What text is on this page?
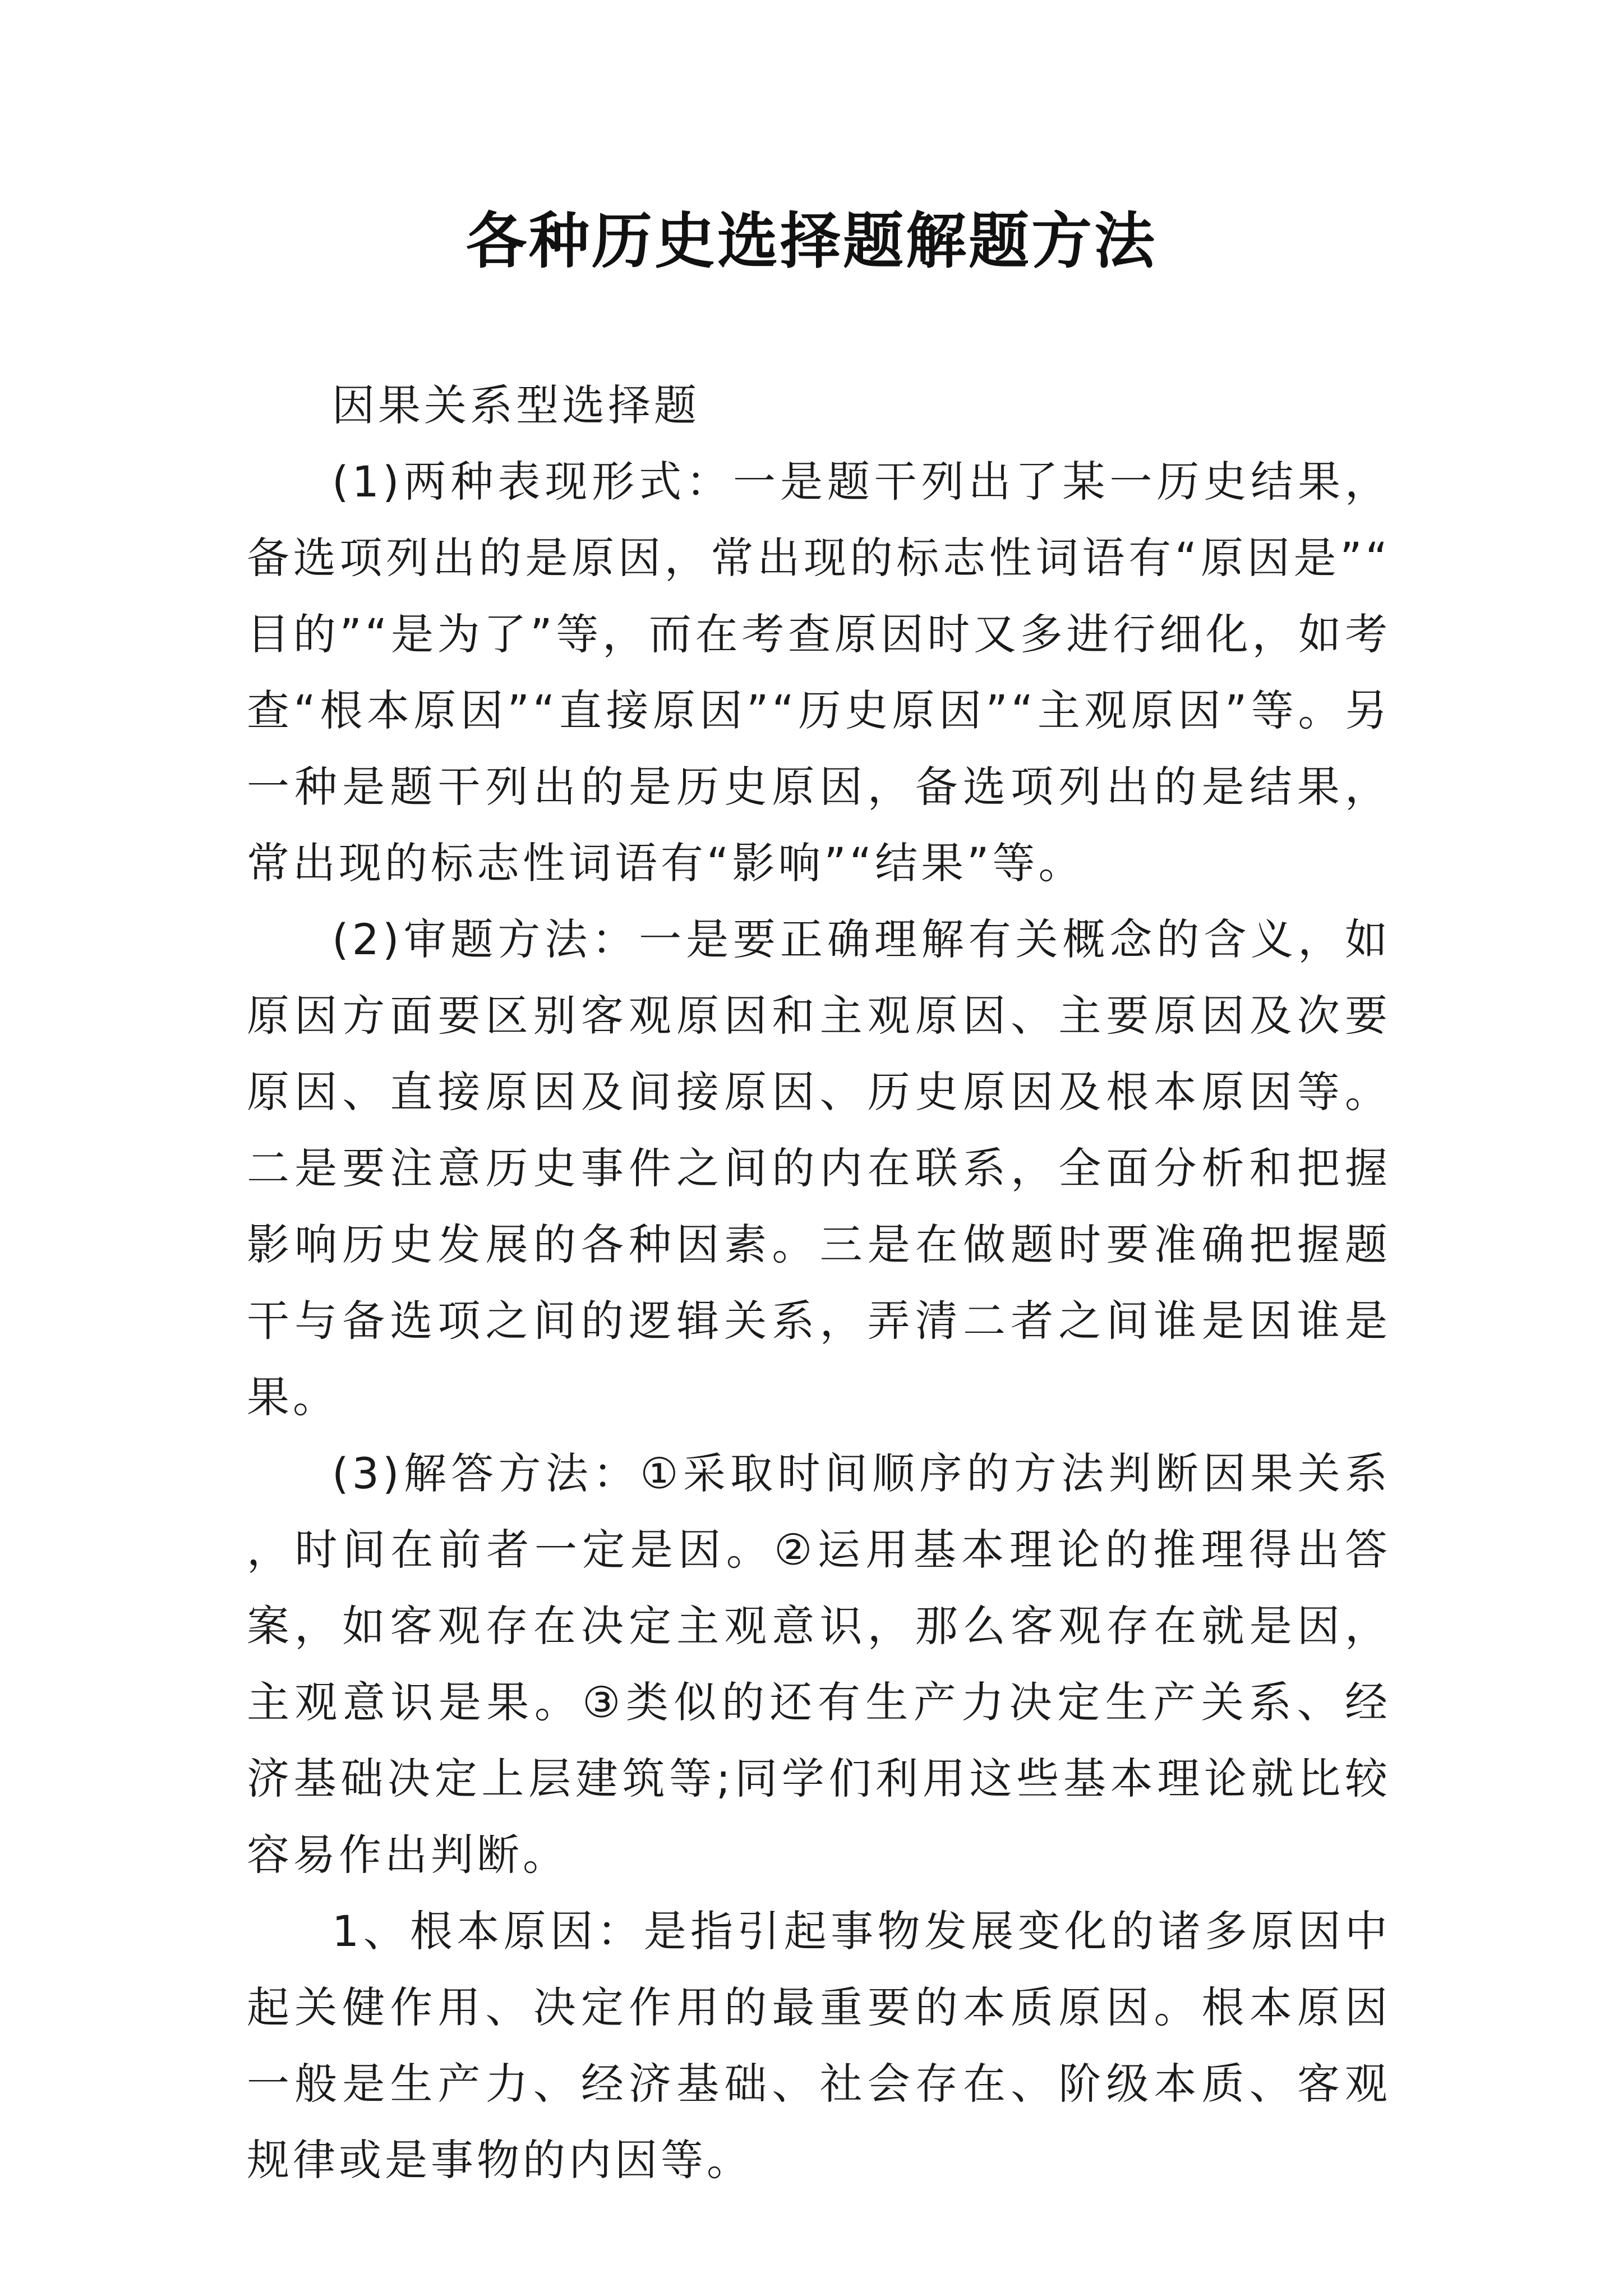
各种历史选择题解题方法

因果关系型选择题

(1)两种表现形式：一是题干列出了某一历史结果，备选项列出的是原因，常出现的标志性词语有“原因是”“目的”“是为了”等，而在考查原因时又多进行细化，如考查“根本原因”“直接原因”“历史原因”“主观原因”等。另一种是题干列出的是历史原因，备选项列出的是结果，常出现的标志性词语有“影响”“结果”等。

(2)审题方法：一是要正确理解有关概念的含义，如原因方面要区别客观原因和主观原因、主要原因及次要原因、直接原因及间接原因、历史原因及根本原因等。二是要注意历史事件之间的内在联系，全面分析和把握影响历史发展的各种因素。三是在做题时要准确把握题干与备选项之间的逻辑关系，弄清二者之间谁是因谁是果。

(3)解答方法：①采取时间顺序的方法判断因果关系，时间在前者一定是因。②运用基本理论的推理得出答案，如客观存在决定主观意识，那么客观存在就是因，主观意识是果。③类似的还有生产力决定生产关系、经济基础决定上层建筑等;同学们利用这些基本理论就比较容易作出判断。

1、根本原因：是指引起事物发展变化的诸多原因中起关健作用、决定作用的最重要的本质原因。根本原因一般是生产力、经济基础、社会存在、阶级本质、客观规律或是事物的内因等。
